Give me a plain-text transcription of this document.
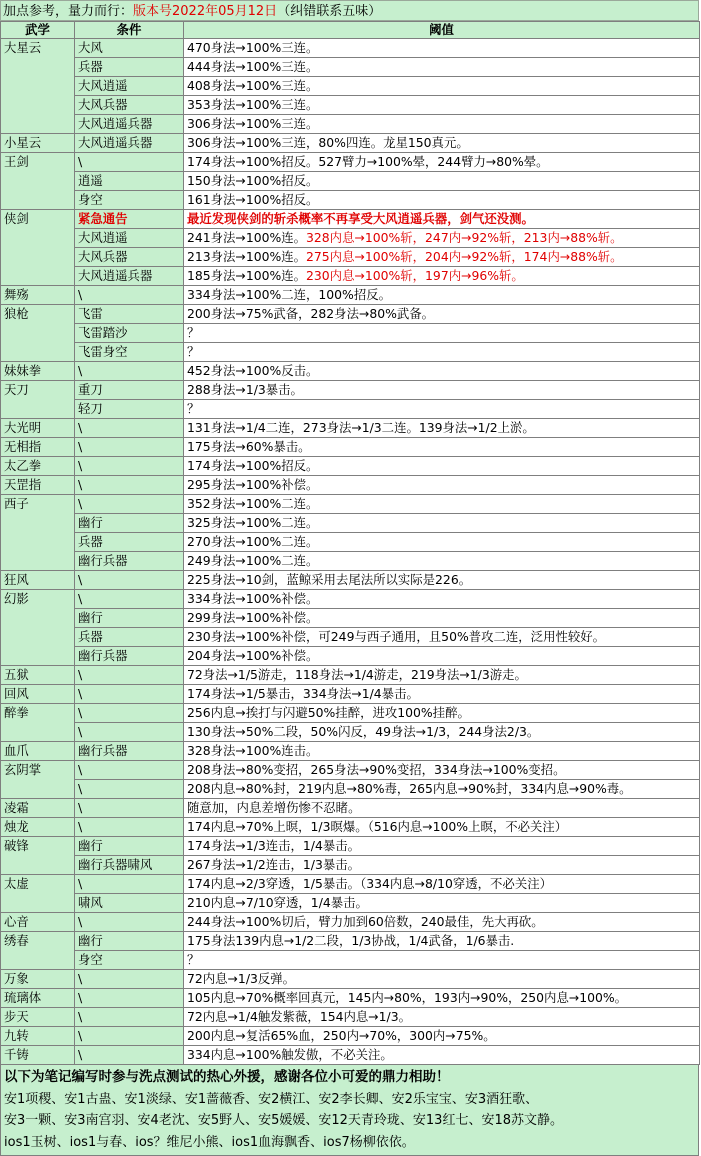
加点参考，量力而行：版本号2022年05月12日（纠错联系五味）
武学	条件	阈值
大星云	大风	470身法→100%三连。
	兵器	444身法→100%三连。
	大风逍遥	408身法→100%三连。
	大风兵器	353身法→100%三连。
	大风逍遥兵器	306身法→100%三连。
小星云	大风逍遥兵器	306身法→100%三连，80%四连。龙星150真元。
王剑	\	174身法→100%招反。527臂力→100%晕，244臂力→80%晕。
	逍遥	150身法→100%招反。
	身空	161身法→100%招反。
侠剑	紧急通告	最近发现侠剑的斩杀概率不再享受大风逍遥兵器，剑气还没测。
	大风逍遥	241身法→100%连。328内息→100%斩，247内→92%斩，213内→88%斩。
	大风兵器	213身法→100%连。275内息→100%斩，204内→92%斩，174内→88%斩。
	大风逍遥兵器	185身法→100%连。230内息→100%斩，197内→96%斩。
舞殇	\	334身法→100%二连，100%招反。
狼枪	飞雷	200身法→75%武备，282身法→80%武备。
	飞雷踏沙	？
	飞雷身空	？
妹妹拳	\	452身法→100%反击。
天刀	重刀	288身法→1/3暴击。
	轻刀	？
大光明	\	131身法→1/4二连，273身法→1/3二连。139身法→1/2上淤。
无相指	\	175身法→60%暴击。
太乙拳	\	174身法→100%招反。
天罡指	\	295身法→100%补偿。
西子	\	352身法→100%二连。
	幽行	325身法→100%二连。
	兵器	270身法→100%二连。
	幽行兵器	249身法→100%二连。
狂风	\	225身法→10剑，蓝鲸采用去尾法所以实际是226。
幻影	\	334身法→100%补偿。
	幽行	299身法→100%补偿。
	兵器	230身法→100%补偿，可249与西子通用，且50%普攻二连，泛用性较好。
	幽行兵器	204身法→100%补偿。
五狱	\	72身法→1/5游走，118身法→1/4游走，219身法→1/3游走。
回风	\	174身法→1/5暴击，334身法→1/4暴击。
醉拳	\	256内息→挨打与闪避50%挂醉，进攻100%挂醉。
	\	130身法→50%二段，50%闪反，49身法→1/3，244身法2/3。
血爪	幽行兵器	328身法→100%连击。
玄阴掌	\	208身法→80%变招，265身法→90%变招，334身法→100%变招。
	\	208内息→80%封，219内息→80%毒，265内息→90%封，334内息→90%毒。
凌霜	\	随意加，内息差增伤惨不忍睹。
烛龙	\	174内息→70%上暝，1/3暝爆。（516内息→100%上暝，不必关注）
破锋	幽行	174身法→1/3连击，1/4暴击。
	幽行兵器啸风	267身法→1/2连击，1/3暴击。
太虚	\	174内息→2/3穿透，1/5暴击。（334内息→8/10穿透，不必关注）
	啸风	210内息→7/10穿透，1/4暴击。
心音	\	244身法→100%切后，臂力加到60倍数，240最佳，先大再砍。
绣春	幽行	175身法139内息→1/2二段，1/3协战，1/4武备，1/6暴击.
	身空	？
万象	\	72内息→1/3反弹。
琉璃体	\	105内息→70%概率回真元，145内→80%，193内→90%，250内息→100%。
步天	\	72内息→1/4触发紫薇，154内息→1/3。
九转	\	200内息→复活65%血，250内→70%，300内→75%。
千铸	\	334内息→100%触发傲，不必关注。
以下为笔记编写时参与洗点测试的热心外援，感谢各位小可爱的鼎力相助！
安1项稷、安1古蛊、安1淡绿、安1蔷薇香、安2横江、安2李长卿、安2乐宝宝、安3酒狂歌、
安3一颗、安3南宫羽、安4老沈、安5野人、安5媛媛、安12天青玲珑、安13红七、安18苏文静。
ios1玉树、ios1与春、ios？维尼小熊、ios1血海飘香、ios7杨柳依依。
